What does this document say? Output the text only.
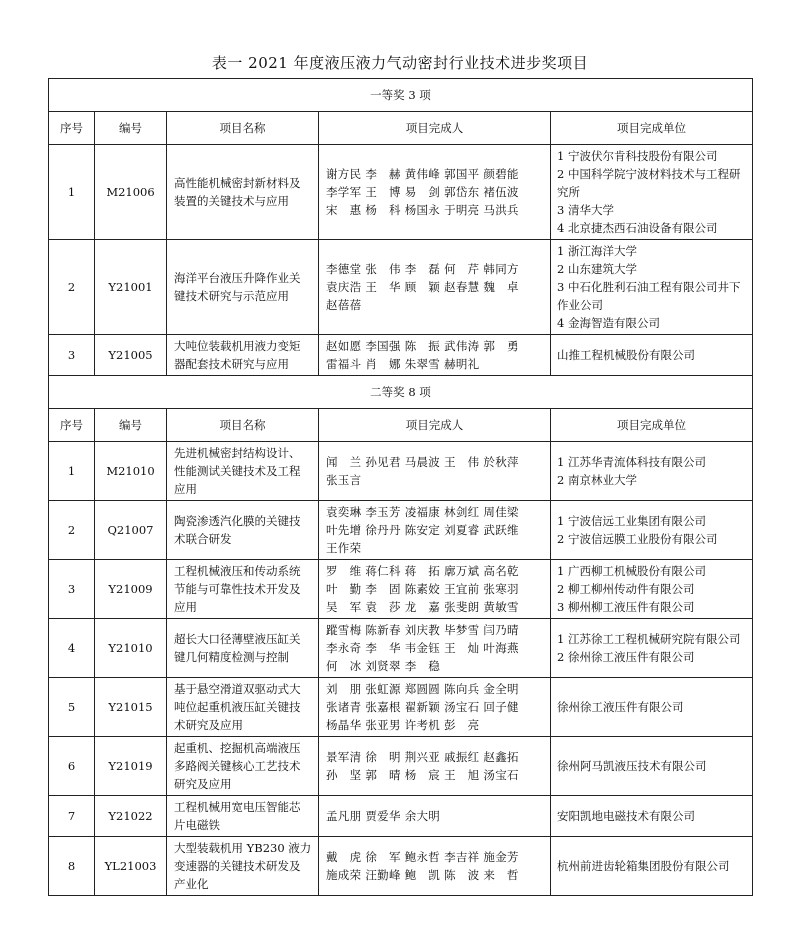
表一 2021 年度液压液力气动密封行业技术进步奖项目
一等奖 3 项				
序号	编号	项目名称	项目完成人	项目完成单位
1	M21006	高性能机械密封新材料及
装置的关键技术与应用	谢方民 李　赫 黄伟峰 郭国平 颜碧能
李学军 王　博 易　剑 郭岱东 褚伍波
宋　惠 杨　科 杨国永 于明亮 马洪兵	1 宁波伏尔肯科技股份有限公司
2 中国科学院宁波材料技术与工程研
究所
3 清华大学
4 北京捷杰西石油设备有限公司

2	Y21001	海洋平台液压升降作业关
键技术研究与示范应用	李德堂 张　伟 李　磊 何　芹 韩同方
袁庆浩 王　华 顾　颖 赵春慧 魏　卓
赵蓓蓓	1 浙江海洋大学
2 山东建筑大学
3 中石化胜利石油工程有限公司井下
作业公司
4 金海智造有限公司

3	Y21005	大吨位装载机用液力变矩
器配套技术研究与应用	赵如愿 李国强 陈　振 武伟涛 郭　勇
雷福斗 肖　娜 朱翠雪 赫明礼	山推工程机械股份有限公司

二等奖 8 项				
序号	编号	项目名称	项目完成人	项目完成单位
1	M21010	先进机械密封结构设计、
性能测试关键技术及工程
应用	闻　兰 孙见君 马晨波 王　伟 於秋萍
张玉言	1 江苏华青流体科技有限公司
2 南京林业大学

2	Q21007	陶瓷渗透汽化膜的关键技
术联合研发	袁奕琳 李玉芳 凌福康 林剑红 周佳梁
叶先增 徐丹丹 陈安定 刘夏睿 武跃维
王作荣	1 宁波信远工业集团有限公司
2 宁波信远膜工业股份有限公司

3	Y21009	工程机械液压和传动系统
节能与可靠性技术开发及
应用	罗　维 蒋仁科 蒋　拓 廓万斌 高名乾
叶　勤 李　固 陈素姣 王宜前 张寒羽
吴　军 袁　莎 龙　嘉 张斐朗 黄敏雪	1 广西柳工机械股份有限公司
2 柳工柳州传动件有限公司
3 柳州柳工液压件有限公司

4	Y21010	超长大口径薄壁液压缸关
键几何精度检测与控制	蹤雪梅 陈新春 刘庆教 毕梦雪 闫乃晴
李永奇 李　华 韦金钰 王　灿 叶海燕
何　冰 刘贤翠 李　稳	1 江苏徐工工程机械研究院有限公司
2 徐州徐工液压件有限公司

5	Y21015	基于悬空滑道双驱动式大
吨位起重机液压缸关键技
术研究及应用	刘　朋 张虹源 郑圆圆 陈向兵 金全明
张诸青 张嘉根 翟新颖 汤宝石 回子健
杨晶华 张亚男 许考机 彭　亮	徐州徐工液压件有限公司

6	Y21019	起重机、挖掘机高端液压
多路阀关键核心工艺技术
研究及应用	景军清 徐　明 荆兴亚 戚振红 赵鑫拓
孙　坚 郭　晴 杨　宸 王　旭 汤宝石	徐州阿马凯液压技术有限公司

7	Y21022	工程机械用宽电压智能芯
片电磁铁	孟凡朋 贾爱华 余大明	安阳凯地电磁技术有限公司

8	YL21003	大型装载机用 YB230 液力
变速器的关键技术研发及
产业化	戴　虎 徐　军 鲍永哲 李吉祥 施金芳
施成荣 汪勤峰 鲍　凯 陈　波 来　哲	杭州前进齿轮箱集团股份有限公司
